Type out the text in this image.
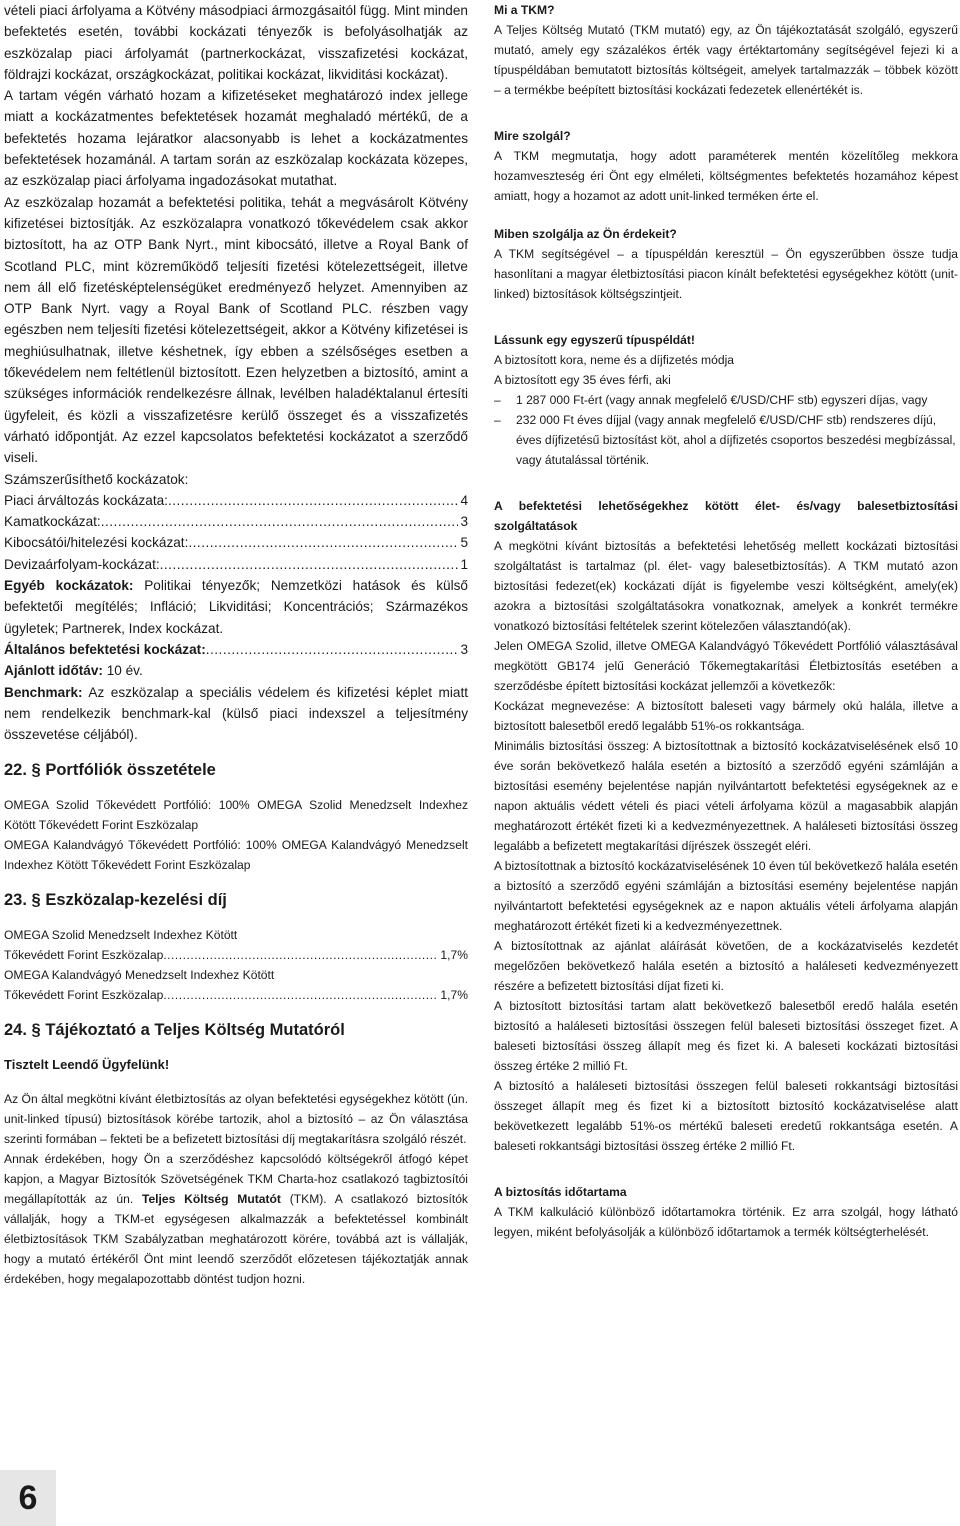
vételi piaci árfolyama a Kötvény másodpiaci ármozgásaitól függ. Mint minden befektetés esetén, további kockázati tényezők is befolyásolhatják az eszközalap piaci árfolyamát (partnerkockázat, visszafizetési kockázat, földrajzi kockázat, országkockázat, politikai kockázat, likviditási kockázat).

A tartam végén várható hozam a kifizetéseket meghatározó index jellege miatt a kockázatmentes befektetések hozamát meghaladó mértékű, de a befektetés hozama lejáratkor alacsonyabb is lehet a kockázatmentes befektetések hozamánál. A tartam során az eszközalap kockázata közepes, az eszközalap piaci árfolyama ingadozásokat mutathat.

Az eszközalap hozamát a befektetési politika, tehát a megvásárolt Kötvény kifizetései biztosítják. Az eszközalapra vonatkozó tőkevédelem csak akkor biztosított, ha az OTP Bank Nyrt., mint kibocsátó, illetve a Royal Bank of Scotland PLC, mint közreműködő teljesíti fizetési kötelezettségeit, illetve nem áll elő fizetésképtelenségüket eredményező helyzet. Amennyiben az OTP Bank Nyrt. vagy a Royal Bank of Scotland PLC. részben vagy egészben nem teljesíti fizetési kötelezettségeit, akkor a Kötvény kifizetései is meghiúsulhatnak, illetve késhetnek, így ebben a szélsőséges esetben a tőkevédelem nem feltétlenül biztosított. Ezen helyzetben a biztosító, amint a szükséges információk rendelkezésre állnak, levélben haladéktalanul értesíti ügyfeleit, és közli a visszafizetésre kerülő összeget és a visszafizetés várható időpontját. Az ezzel kapcsolatos befektetési kockázatot a szerződő viseli.

Számszerűsíthető kockázatok:

Piaci árváltozás kockázata: .....	4
Kamatkockázat: .....	3
Kibocsátói/hitelezési kockázat: .....	5
Devizaárfolyam-kockázat: .....	1

Egyéb kockázatok: Politikai tényezők; Nemzetközi hatások és külső befektetői megítélés; Infláció; Likviditási; Koncentrációs; Származékos ügyletek; Partnerek, Index kockázat.

Általános befektetési kockázat: .....	3

Ajánlott időtáv: 10 év.

Benchmark: Az eszközalap a speciális védelem és kifizetési képlet miatt nem rendelkezik benchmark-kal (külső piaci indexszel a teljesítmény összevetése céljából).

22. § Portfóliók összetétele

OMEGA Szolid Tőkevédett Portfólió: 100% OMEGA Szolid Menedzselt Indexhez Kötött Tőkevédett Forint Eszközalap

OMEGA Kalandvágyó Tőkevédett Portfólió: 100% OMEGA Kalandvágyó Menedzselt Indexhez Kötött Tőkevédett Forint Eszközalap

23. § Eszközalap-kezelési díj

OMEGA Szolid Menedzselt Indexhez Kötött

Tőkevédett Forint Eszközalap .....	1,7%

OMEGA Kalandvágyó Menedzselt Indexhez Kötött

Tőkevédett Forint Eszközalap .....	1,7%
24. § Tájékoztató a Teljes Költség Mutatóról

Tisztelt Leendő Ügyfelünk!

Az Ön által megkötni kívánt életbiztosítás az olyan befektetési egységekhez kötött (ún. unit-linked típusú) biztosítások körébe tartozik, ahol a biztosító – az Ön választása szerinti formában – fekteti be a befizetett biztosítási díj megtakarításra szolgáló részét.

Annak érdekében, hogy Ön a szerződéshez kapcsolódó költségekről átfogó képet kapjon, a Magyar Biztosítók Szövetségének TKM Charta-hoz csatlakozó tagbiztosítói megállapították az ún. Teljes Költség Mutatót (TKM). A csatlakozó biztosítók vállalják, hogy a TKM-et egységesen alkalmazzák a befektetéssel kombinált életbiztosítások TKM Szabályzatban meghatározott körére, továbbá azt is vállalják, hogy a mutató értékéről Önt mint leendő szerződőt előzetesen tájékoztatják annak érdekében, hogy megalapozottabb döntést tudjon hozni.

Mi a TKM?

A Teljes Költség Mutató (TKM mutató) egy, az Ön tájékoztatását szolgáló, egyszerű mutató, amely egy százalékos érték vagy értéktartomány segítségével fejezi ki a típuspéldában bemutatott biztosítás költségeit, amelyek tartalmazzák – többek között – a termékbe beépített biztosítási kockázati fedezetek ellenértékét is.

Mire szolgál?

A TKM megmutatja, hogy adott paraméterek mentén közelítőleg mekkora hozamveszteség éri Önt egy elméleti, költségmentes befektetés hozamához képest amiatt, hogy a hozamot az adott unit-linked terméken érte el.

Miben szolgálja az Ön érdekeit?

A TKM segítségével – a típuspéldán keresztül – Ön egyszerűbben össze tudja hasonlítani a magyar életbiztosítási piacon kínált befektetési egységekhez kötött (unit-linked) biztosítások költségszintjeit.

Lássunk egy egyszerű típuspéldát!

A biztosított kora, neme és a díjfizetés módja

A biztosított egy 35 éves férfi, aki

– 1 287 000 Ft-ért (vagy annak megfelelő €/USD/CHF stb) egyszeri díjas, vagy
– 232 000 Ft éves díjjal (vagy annak megfelelő €/USD/CHF stb) rendszeres díjú, éves díjfizetésű biztosítást köt, ahol a díjfizetés csoportos beszedési megbízással, vagy átutalással történik.

A befektetési lehetőségekhez kötött élet- és/vagy balesetbiztosítási szolgáltatások

A megkötni kívánt biztosítás a befektetési lehetőség mellett kockázati biztosítási szolgáltatást is tartalmaz (pl. élet- vagy balesetbiztosítás). A TKM mutató azon biztosítási fedezet(ek) kockázati díját is figyelembe veszi költségként, amely(ek) azokra a biztosítási szolgáltatásokra vonatkoznak, amelyek a konkrét termékre vonatkozó biztosítási feltételek szerint kötelezően választandó(ak).

Jelen OMEGA Szolid, illetve OMEGA Kalandvágyó Tőkevédett Portfólió választásával megkötött GB174 jelű Generáció Tőkemegtakarítási Életbiztosítás esetében a szerződésbe épített biztosítási kockázat jellemzői a következők:

Kockázat megnevezése: A biztosított baleseti vagy bármely okú halála, illetve a biztosított balesetből eredő legalább 51%-os rokkantsága.

Minimális biztosítási összeg: A biztosítottnak a biztosító kockázatviselésének első 10 éve során bekövetkező halála esetén a biztosító a szerződő egyéni számláján a biztosítási esemény bejelentése napján nyilvántartott befektetési egységeknek az e napon aktuális védett vételi és piaci vételi árfolyama közül a magasabbik alapján meghatározott értékét fizeti ki a kedvezményezettnek. A haláleseti biztosítási összeg legalább a befizetett megtakarítási díjrészek összegét eléri.

A biztosítottnak a biztosító kockázatviselésének 10 éven túl bekövetkező halála esetén a biztosító a szerződő egyéni számláján a biztosítási esemény bejelentése napján nyilvántartott befektetési egységeknek az e napon aktuális vételi árfolyama alapján meghatározott értékét fizeti ki a kedvezményezettnek.

A biztosítottnak az ajánlat aláírását követően, de a kockázatviselés kezdetét megelőzően bekövetkező halála esetén a biztosító a haláleseti kedvezményezett részére a befizetett biztosítási díjat fizeti ki.

A biztosított biztosítási tartam alatt bekövetkező balesetből eredő halála esetén biztosító a haláleseti biztosítási összegen felül baleseti biztosítási összeget fizet. A baleseti biztosítási összeg állapít meg és fizet ki. A baleseti kockázati biztosítási összeg értéke 2 millió Ft.

A biztosító a haláleseti biztosítási összegen felül baleseti rokkantsági biztosítási összeget állapít meg és fizet ki a biztosított biztosító kockázatviselése alatt bekövetkezett legalább 51%-os mértékű baleseti eredetű rokkantsága esetén. A baleseti rokkantsági biztosítási összeg értéke 2 millió Ft.

A biztosítás időtartama

A TKM kalkuláció különböző időtartamokra történik. Ez arra szolgál, hogy látható legyen, miként befolyásolják a különböző időtartamok a termék költségterhelését.

6
